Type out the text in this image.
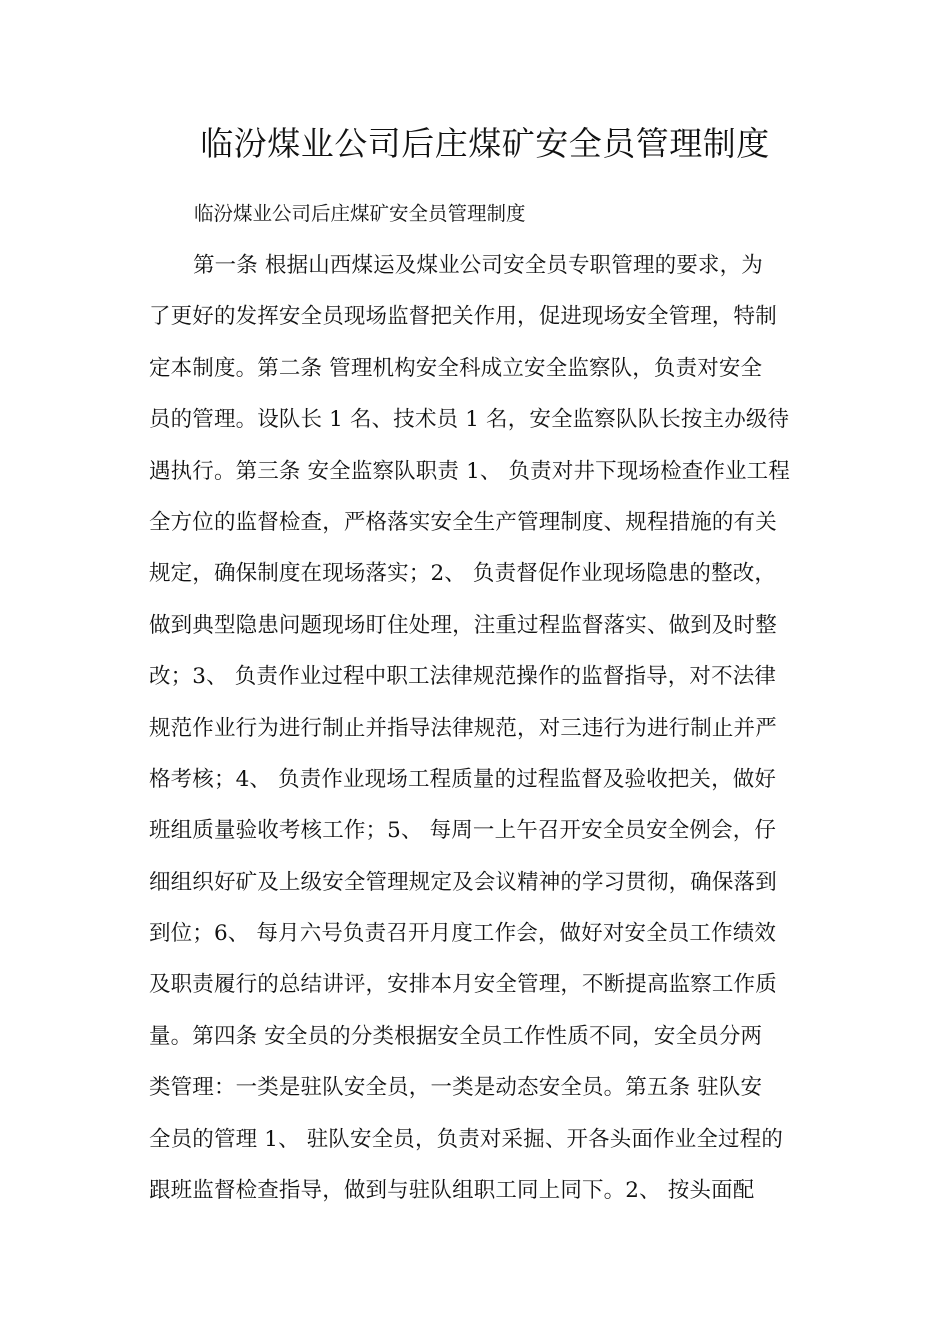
临汾煤业公司后庄煤矿安全员管理制度

临汾煤业公司后庄煤矿安全员管理制度

第一条 根据山西煤运及煤业公司安全员专职管理的要求，为
了更好的发挥安全员现场监督把关作用，促进现场安全管理，特制
定本制度。第二条 管理机构安全科成立安全监察队，负责对安全
员的管理。设队长 1 名、技术员 1 名，安全监察队队长按主办级待
遇执行。第三条 安全监察队职责 1、 负责对井下现场检查作业工程
全方位的监督检查，严格落实安全生产管理制度、规程措施的有关
规定，确保制度在现场落实；2、 负责督促作业现场隐患的整改，
做到典型隐患问题现场盯住处理，注重过程监督落实、做到及时整
改；3、 负责作业过程中职工法律规范操作的监督指导，对不法律
规范作业行为进行制止并指导法律规范，对三违行为进行制止并严
格考核；4、 负责作业现场工程质量的过程监督及验收把关，做好
班组质量验收考核工作；5、 每周一上午召开安全员安全例会，仔
细组织好矿及上级安全管理规定及会议精神的学习贯彻，确保落到
到位；6、 每月六号负责召开月度工作会，做好对安全员工作绩效
及职责履行的总结讲评，安排本月安全管理，不断提高监察工作质
量。第四条 安全员的分类根据安全员工作性质不同，安全员分两
类管理：一类是驻队安全员，一类是动态安全员。第五条 驻队安
全员的管理 1、 驻队安全员，负责对采掘、开各头面作业全过程的
跟班监督检查指导，做到与驻队组职工同上同下。2、 按头面配
